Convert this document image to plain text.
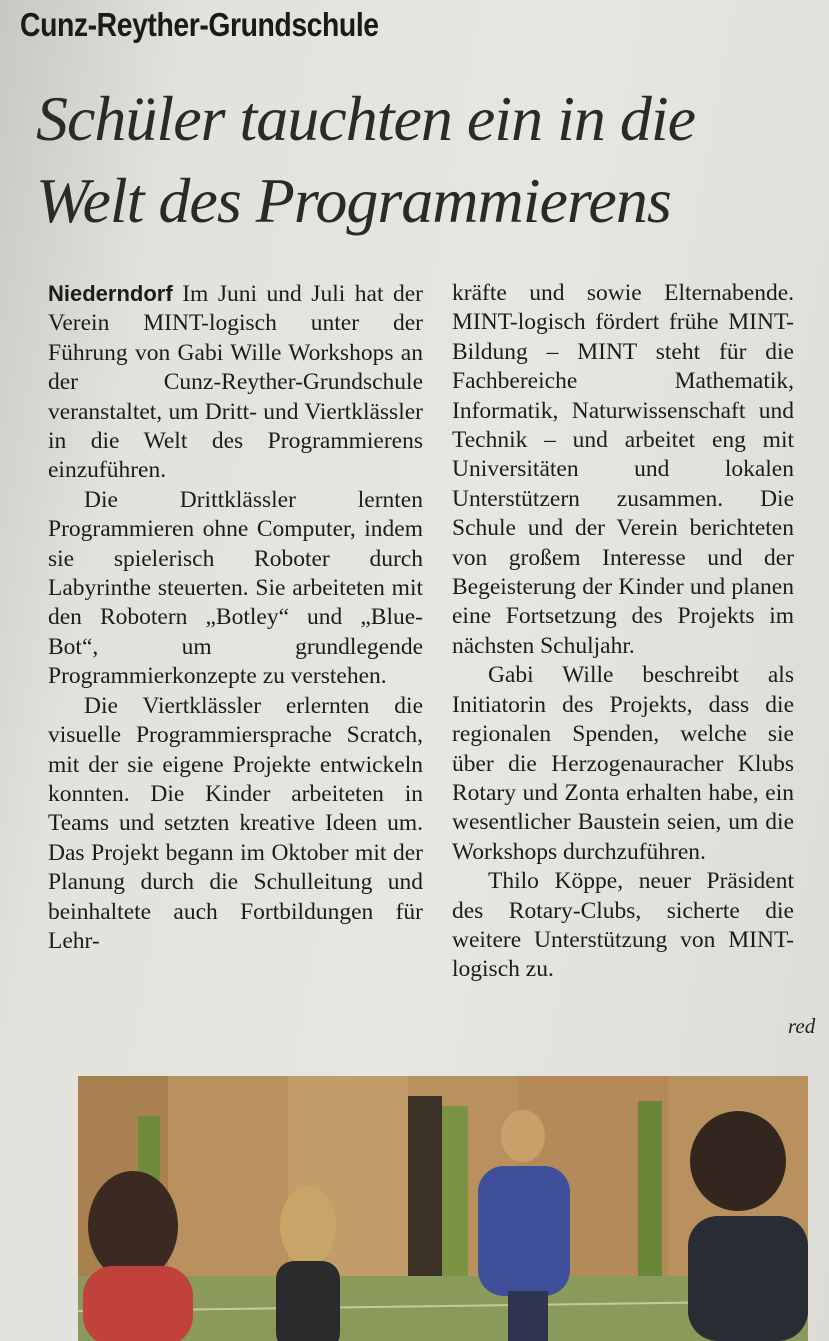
Cunz-Reyther-Grundschule
Schüler tauchten ein in die
Welt des Programmierens

Niederndorf Im Juni und Juli hat der Verein MINT-logisch unter der Führung von Gabi Wille Workshops an der Cunz-Reyther-Grundschule veranstaltet, um Dritt- und Viertklässler in die Welt des Programmierens einzuführen.

Die Drittklässler lernten Programmieren ohne Computer, indem sie spielerisch Roboter durch Labyrinthe steuerten. Sie arbeiteten mit den Robotern „Botley“ und „Blue-Bot“, um grundlegende Programmierkonzepte zu verstehen.

Die Viertklässler erlernten die visuelle Programmiersprache Scratch, mit der sie eigene Projekte entwickeln konnten. Die Kinder arbeiteten in Teams und setzten kreative Ideen um. Das Projekt begann im Oktober mit der Planung durch die Schulleitung und beinhaltete auch Fortbildungen für Lehr-

kräfte und sowie Elternabende. MINT-logisch fördert frühe MINT-Bildung – MINT steht für die Fachbereiche Mathematik, Informatik, Naturwissenschaft und Technik – und arbeitet eng mit Universitäten und lokalen Unterstützern zusammen. Die Schule und der Verein berichteten von großem Interesse und der Begeisterung der Kinder und planen eine Fortsetzung des Projekts im nächsten Schuljahr.

Gabi Wille beschreibt als Initiatorin des Projekts, dass die regionalen Spenden, welche sie über die Herzogenauracher Klubs Rotary und Zonta erhalten habe, ein wesentlicher Baustein seien, um die Workshops durchzuführen.

Thilo Köppe, neuer Präsident des Rotary-Clubs, sicherte die weitere Unterstützung von MINT-logisch zu.

red
